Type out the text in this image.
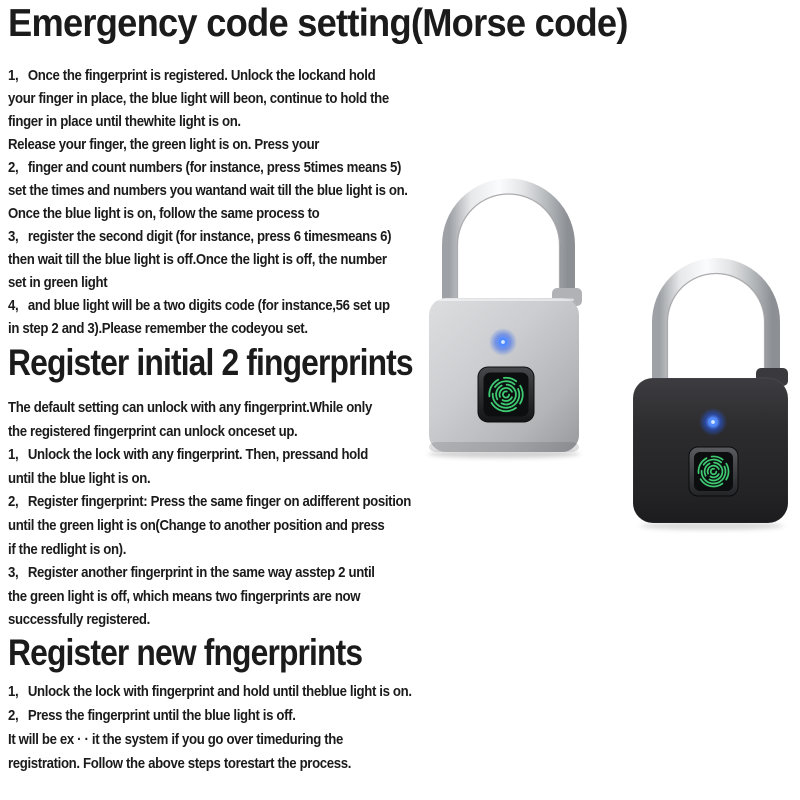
Emergency code setting(Morse code)
1,  Once the fingerprint is registered. Unlock the lockand hold
your finger in place, the blue light will beon, continue to hold the
finger in place until thewhite light is on.
Release your finger, the green light is on. Press your
2,  finger and count numbers (for instance, press 5times means 5)
set the times and numbers you wantand wait till the blue light is on.
Once the blue light is on, follow the same process to
3,  register the second digit (for instance, press 6 timesmeans 6)
then wait till the blue light is off.Once the light is off, the number
set in green light
4,  and blue light will be a two digits code (for instance,56 set up
in step 2 and 3).Please remember the codeyou set.
Register initial 2 fingerprints
The default setting can unlock with any fingerprint.While only
the registered fingerprint can unlock onceset up.
1,  Unlock the lock with any fingerprint. Then, pressand hold
until the blue light is on.
2,  Register fingerprint: Press the same finger on adifferent position
until the green light is on(Change to another position and press
if the redlight is on).
3,  Register another fingerprint in the same way asstep 2 until
the green light is off, which means two fingerprints are now
successfully registered.
Register new fngerprints
1,  Unlock the lock with fingerprint and hold until theblue light is on.
2,  Press the fingerprint until the blue light is off.
It will be ex · · it the system if you go over timeduring the
registration. Follow the above steps torestart the process.
